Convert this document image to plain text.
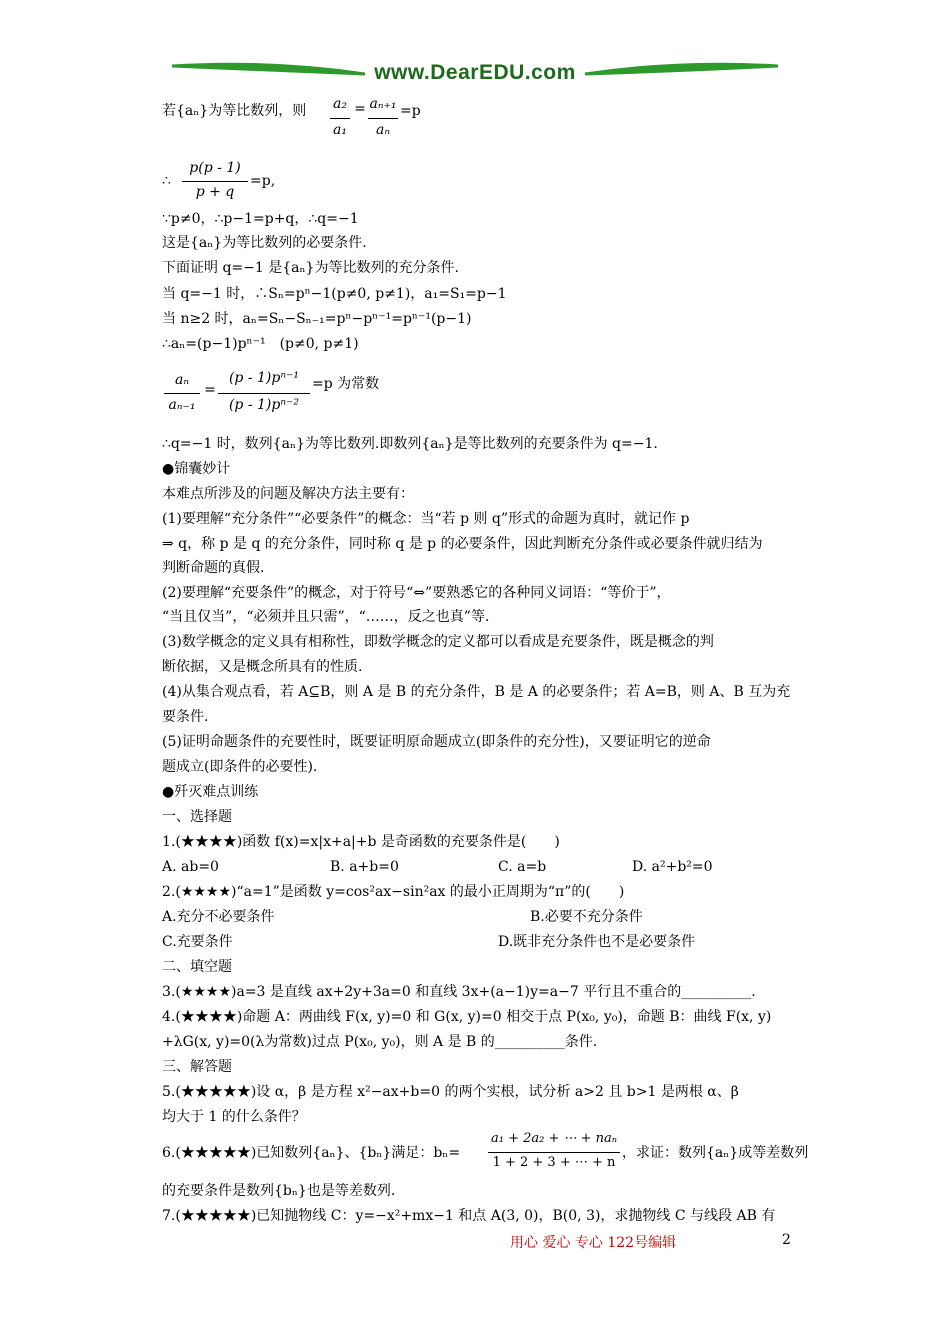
www.DearEDU.com
若{aₙ}为等比数列，则 a₂
a₁
= aₙ₊₁
aₙ
=p
∴
p(p - 1)
p + q
=p,
∵p≠0，∴p−1=p+q，∴q=−1
这是{aₙ}为等比数列的必要条件.
下面证明 q=−1 是{aₙ}为等比数列的充分条件.
当 q=−1 时，∴Sₙ=pⁿ−1(p≠0, p≠1)，a₁=S₁=p−1
当 n≥2 时，aₙ=Sₙ−Sₙ₋₁=pⁿ−pⁿ⁻¹=pⁿ⁻¹(p−1)
∴aₙ=(p−1)pⁿ⁻¹　(p≠0, p≠1)
aₙ
aₙ₋₁
=
(p - 1)pⁿ⁻¹
(p - 1)pⁿ⁻²
=p 为常数
∴q=−1 时，数列{aₙ}为等比数列.即数列{aₙ}是等比数列的充要条件为 q=−1.
●锦囊妙计
本难点所涉及的问题及解决方法主要有：
(1)要理解“充分条件”“必要条件”的概念：当“若 p 则 q”形式的命题为真时，就记作 p
⇒ q，称 p 是 q 的充分条件，同时称 q 是 p 的必要条件，因此判断充分条件或必要条件就归结为
判断命题的真假.
(2)要理解“充要条件”的概念，对于符号“⇔”要熟悉它的各种同义词语：“等价于”，
“当且仅当”，“必须并且只需”，“……，反之也真”等.
(3)数学概念的定义具有相称性，即数学概念的定义都可以看成是充要条件，既是概念的判
断依据，又是概念所具有的性质.
(4)从集合观点看，若 A⊆B，则 A 是 B 的充分条件，B 是 A 的必要条件；若 A=B，则 A、B 互为充
要条件.
(5)证明命题条件的充要性时，既要证明原命题成立(即条件的充分性)，又要证明它的逆命
题成立(即条件的必要性).
●歼灭难点训练
一、选择题
1.(★★★★)函数 f(x)=x|x+a|+b 是奇函数的充要条件是(　　)
A. ab=0	B. a+b=0	C. a=b	D. a²+b²=0
2.(★★★★)“a=1”是函数 y=cos²ax−sin²ax 的最小正周期为“π”的(　　)
A.充分不必要条件	B.必要不充分条件
C.充要条件	D.既非充分条件也不是必要条件
二、填空题
3.(★★★★)a=3 是直线 ax+2y+3a=0 和直线 3x+(a−1)y=a−7 平行且不重合的__________.
4.(★★★★)命题 A：两曲线 F(x, y)=0 和 G(x, y)=0 相交于点 P(x₀, y₀)，命题 B：曲线 F(x, y)
+λG(x, y)=0(λ为常数)过点 P(x₀, y₀)，则 A 是 B 的__________条件.
三、解答题
5.(★★★★★)设 α，β 是方程 x²−ax+b=0 的两个实根，试分析 a>2 且 b>1 是两根 α、β
均大于 1 的什么条件？
6.(★★★★★)已知数列{aₙ}、{bₙ}满足：bₙ=
a₁ + 2a₂ + ⋯ + naₙ
1 + 2 + 3 + ⋯ + n
，求证：数列{aₙ}成等差数列
的充要条件是数列{bₙ}也是等差数列.
7.(★★★★★)已知抛物线 C：y=−x²+mx−1 和点 A(3, 0)，B(0, 3)，求抛物线 C 与线段 AB 有
用心 爱心 专心 122号编辑	2
